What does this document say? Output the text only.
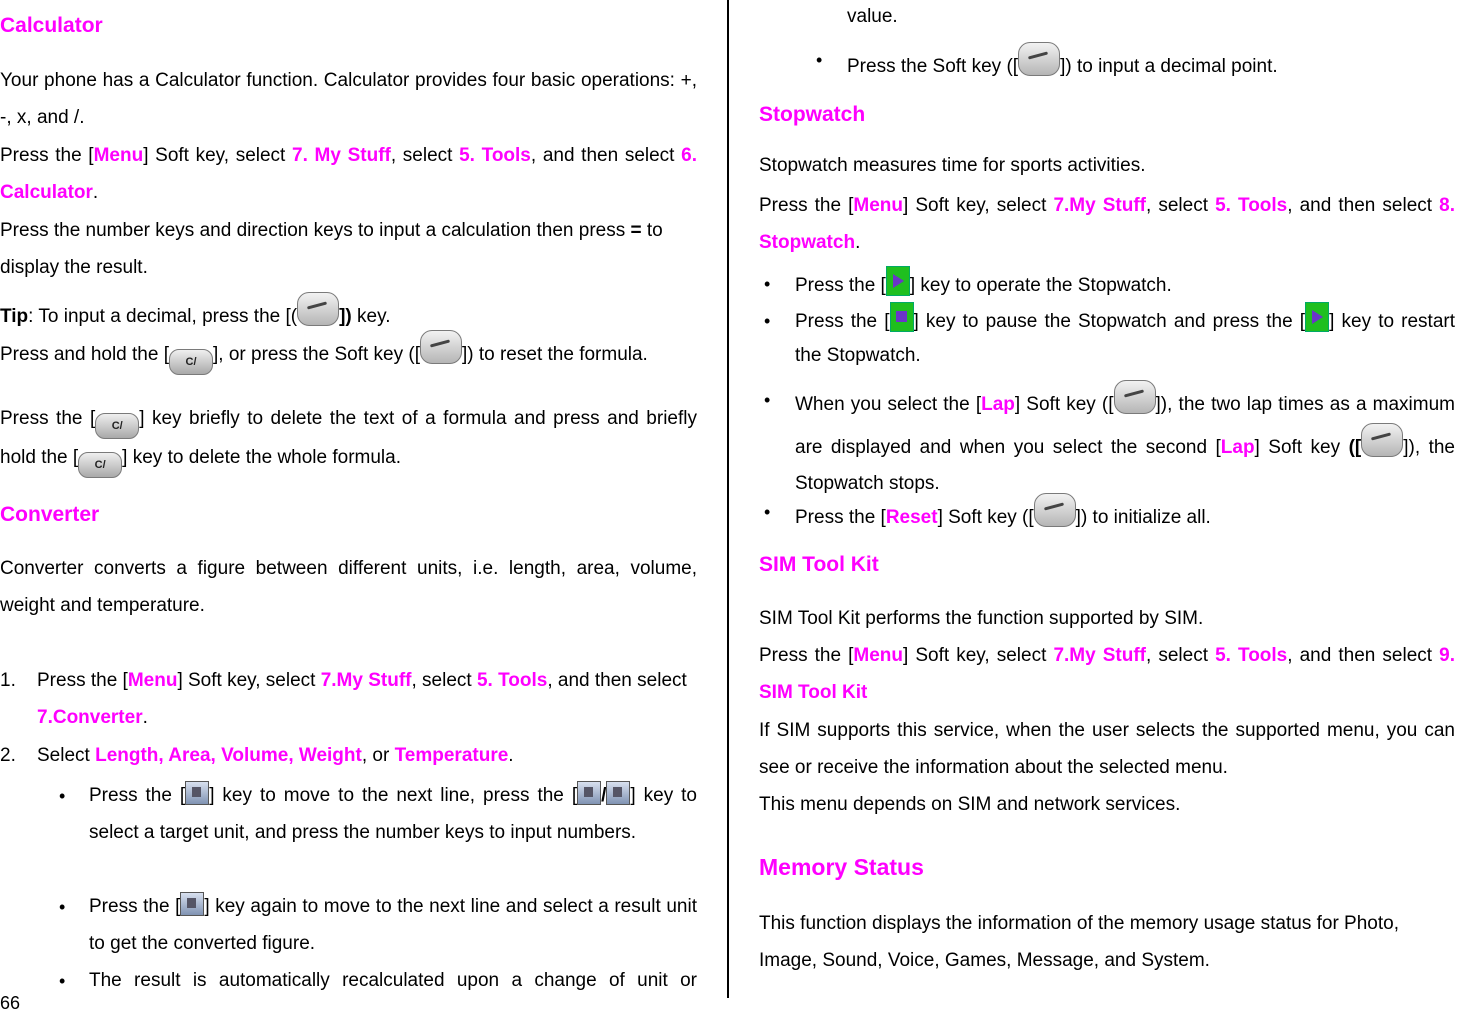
Calculator

Your phone has a Calculator function. Calculator provides four basic operations: +, -, x, and /.

Press the [Menu] Soft key, select 7. My Stuff, select 5. Tools, and then select 6. Calculator.

Press the number keys and direction keys to input a calculation then press = to display the result.

Tip: To input a decimal, press the [( ]) key.

Press and hold the [ C/ ], or press the Soft key ([ ]) to reset the formula.

Press the [ C/ ] key briefly to delete the text of a formula and press and briefly hold the [ C/ ] key to delete the whole formula.

Converter

Converter converts a figure between different units, i.e. length, area, volume, weight and temperature.

1. Press the [Menu] Soft key, select 7.My Stuff, select 5. Tools, and then select 7.Converter.

2. Select Length, Area, Volume, Weight, or Temperature.

• Press the [ ] key to move to the next line, press the [ / ] key to select a target unit, and press the number keys to input numbers.

• Press the [ ] key again to move to the next line and select a result unit to get the converted figure.

• The result is automatically recalculated upon a change of unit or

66

value.

• Press the Soft key ([ ]) to input a decimal point.

Stopwatch

Stopwatch measures time for sports activities.

Press the [Menu] Soft key, select 7.My Stuff, select 5. Tools, and then select 8. Stopwatch.

• Press the [ ] key to operate the Stopwatch.

• Press the [ ] key to pause the Stopwatch and press the [ ] key to restart the Stopwatch.

• When you select the [Lap] Soft key ([ ]), the two lap times as a maximum are displayed and when you select the second [Lap] Soft key ([ ]), the Stopwatch stops.

• Press the [Reset] Soft key ([ ]) to initialize all.

SIM Tool Kit

SIM Tool Kit performs the function supported by SIM.

Press the [Menu] Soft key, select 7.My Stuff, select 5. Tools, and then select 9. SIM Tool Kit

If SIM supports this service, when the user selects the supported menu, you can see or receive the information about the selected menu.

This menu depends on SIM and network services.

Memory Status

This function displays the information of the memory usage status for Photo, Image, Sound, Voice, Games, Message, and System.
